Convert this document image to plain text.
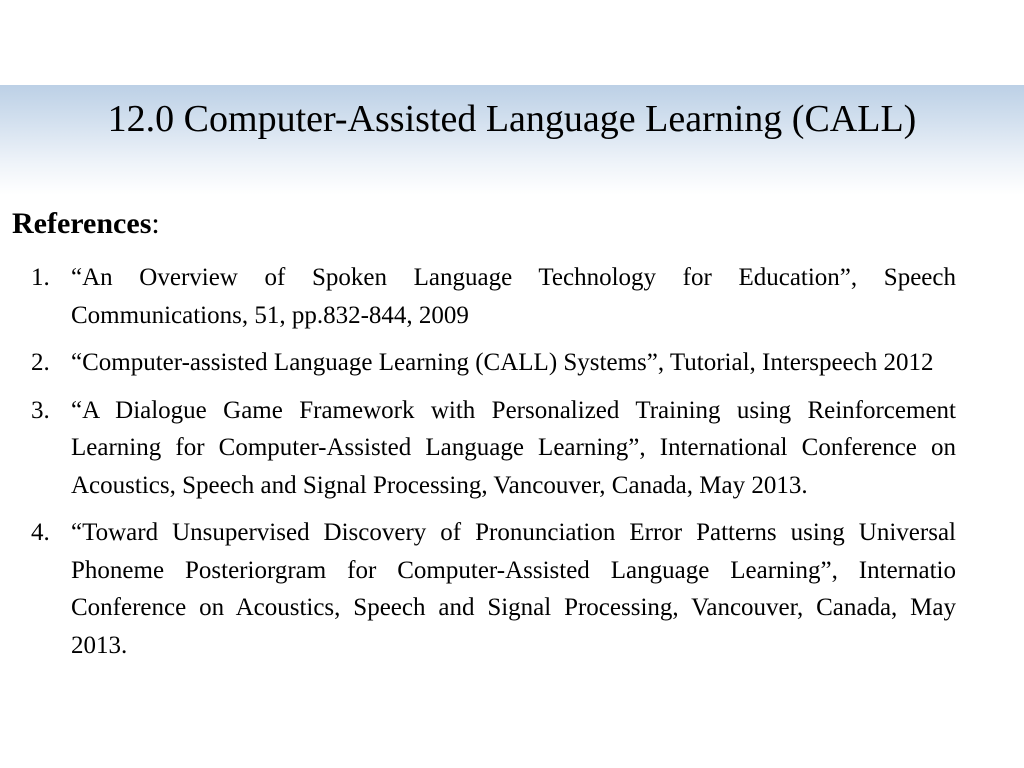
12.0 Computer-Assisted Language Learning (CALL)
References:
1. “An Overview of Spoken Language Technology for Education”, Speech Communications, 51, pp.832-844, 2009
2. “Computer-assisted Language Learning (CALL) Systems”, Tutorial, Interspeech 2012
3. “A Dialogue Game Framework with Personalized Training using Reinforcement Learning for Computer-Assisted Language Learning”, International Conference on Acoustics, Speech and Signal Processing, Vancouver, Canada, May 2013.
4. “Toward Unsupervised Discovery of Pronunciation Error Patterns using Universal Phoneme Posteriorgram for Computer-Assisted Language Learning”, Internatio Conference on Acoustics, Speech and Signal Processing, Vancouver, Canada, May 2013.
